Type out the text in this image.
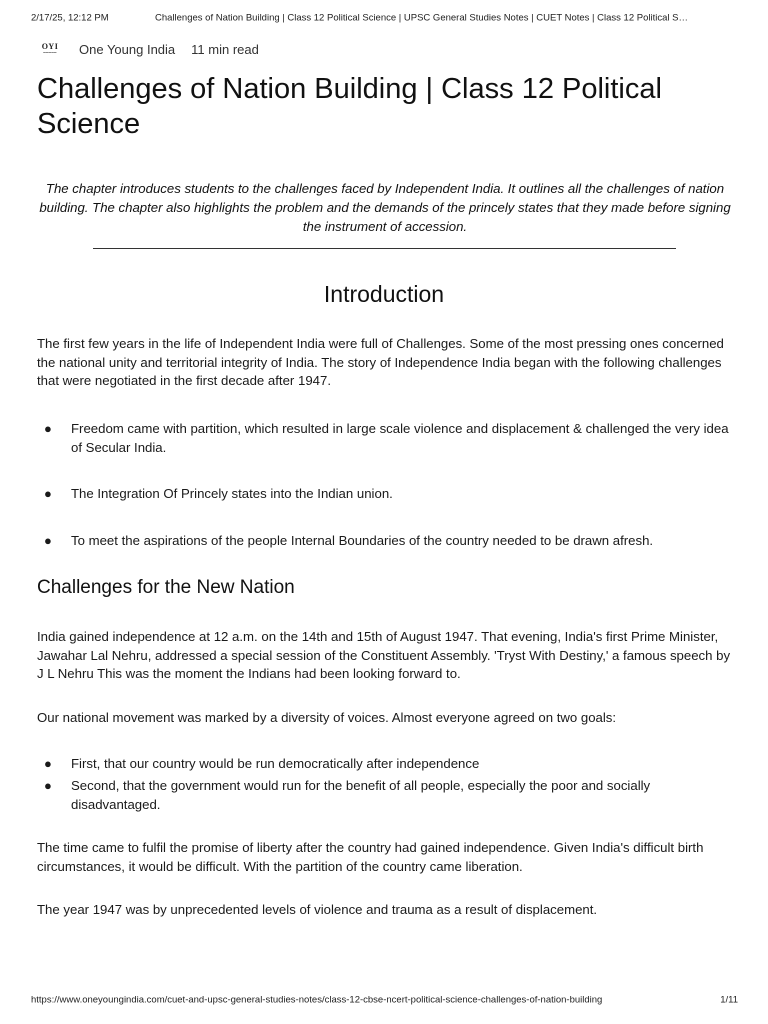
2/17/25, 12:12 PM	Challenges of Nation Building | Class 12 Political Science | UPSC General Studies Notes | CUET Notes | Class 12 Political S…
OYI
━━━━━ One Young India 11 min read
Challenges of Nation Building | Class 12 Political Science

The chapter introduces students to the challenges faced by Independent India. It outlines all the challenges of nation building. The chapter also highlights the problem and the demands of the princely states that they made before signing the instrument of accession.

Introduction

The first few years in the life of Independent India were full of Challenges. Some of the most pressing ones concerned the national unity and territorial integrity of India. The story of Independence India began with the following challenges that were negotiated in the first decade after 1947.

● Freedom came with partition, which resulted in large scale violence and displacement & challenged the very idea of Secular India.
● The Integration Of Princely states into the Indian union.
● To meet the aspirations of the people Internal Boundaries of the country needed to be drawn afresh.
Challenges for the New Nation

India gained independence at 12 a.m. on the 14th and 15th of August 1947. That evening, India's first Prime Minister, Jawahar Lal Nehru, addressed a special session of the Constituent Assembly. 'Tryst With Destiny,' a famous speech by J L Nehru This was the moment the Indians had been looking forward to.

Our national movement was marked by a diversity of voices. Almost everyone agreed on two goals:

● First, that our country would be run democratically after independence
● Second, that the government would run for the benefit of all people, especially the poor and socially disadvantaged.

The time came to fulfil the promise of liberty after the country had gained independence. Given India's difficult birth circumstances, it would be difficult. With the partition of the country came liberation.

The year 1947 was by unprecedented levels of violence and trauma as a result of displacement.

https://www.oneyoungindia.com/cuet-and-upsc-general-studies-notes/class-12-cbse-ncert-political-science-challenges-of-nation-building	1/11
